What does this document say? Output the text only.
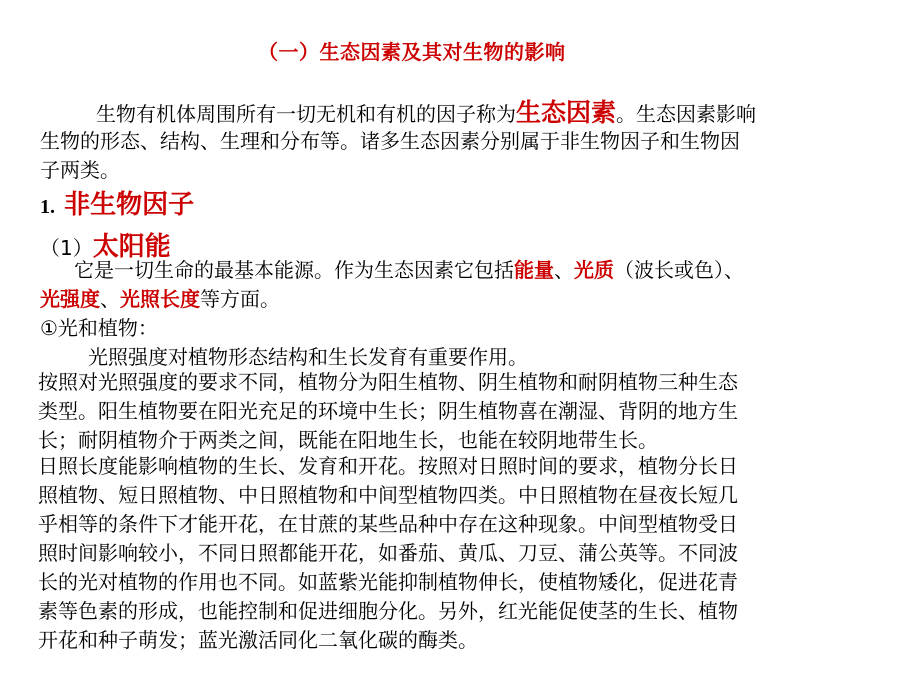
（一）生态因素及其对生物的影响
生物有机体周围所有一切无机和有机的因子称为生态因素。生态因素影响
生物的形态、结构、生理和分布等。诸多生态因素分别属于非生物因子和生物因
子两类。
1. 非生物因子
（1）太阳能
它是一切生命的最基本能源。作为生态因素它包括能量、光质（波长或色）、
光强度、光照长度等方面。
①光和植物：
光照强度对植物形态结构和生长发育有重要作用。
按照对光照强度的要求不同，植物分为阳生植物、阴生植物和耐阴植物三种生态
类型。阳生植物要在阳光充足的环境中生长；阴生植物喜在潮湿、背阴的地方生
长；耐阴植物介于两类之间，既能在阳地生长，也能在较阴地带生长。
日照长度能影响植物的生长、发育和开花。按照对日照时间的要求，植物分长日
照植物、短日照植物、中日照植物和中间型植物四类。中日照植物在昼夜长短几
乎相等的条件下才能开花，在甘蔗的某些品种中存在这种现象。中间型植物受日
照时间影响较小，不同日照都能开花，如番茄、黄瓜、刀豆、蒲公英等。不同波
长的光对植物的作用也不同。如蓝紫光能抑制植物伸长，使植物矮化，促进花青
素等色素的形成，也能控制和促进细胞分化。另外，红光能促使茎的生长、植物
开花和种子萌发；蓝光激活同化二氧化碳的酶类。
